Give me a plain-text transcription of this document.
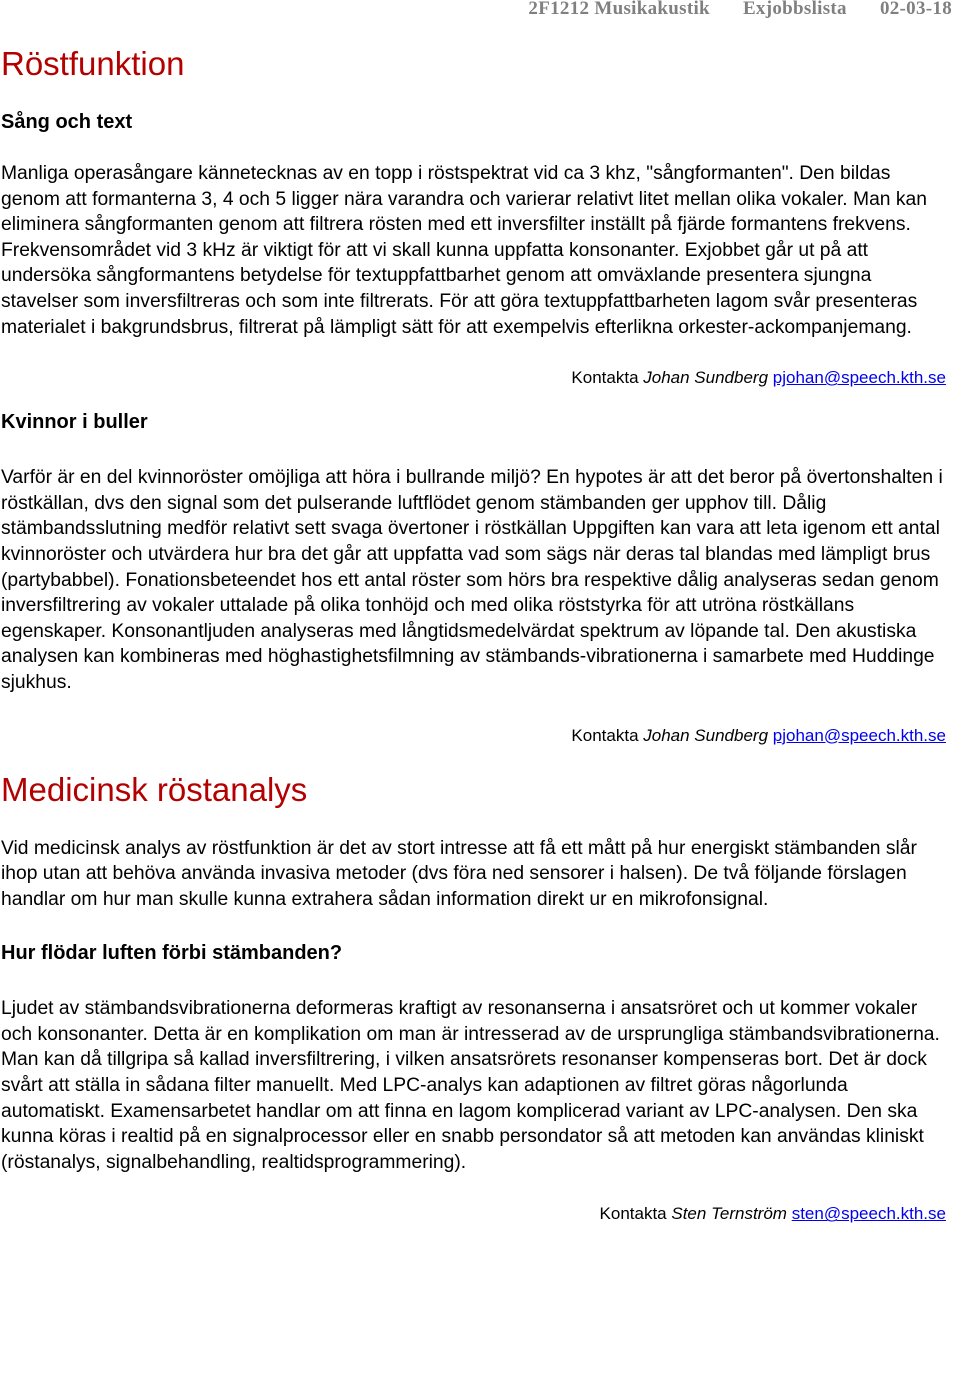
2F1212 Musikakustik Exjobbslista 02-03-18
Röstfunktion
Sång och text

Manliga operasångare kännetecknas av en topp i röstspektrat vid ca 3 khz, "sångformanten". Den bildas genom att formanterna 3, 4 och 5 ligger nära varandra och varierar relativt litet mellan olika vokaler. Man kan eliminera sångformanten genom att filtrera rösten med ett inversfilter inställt på fjärde formantens frekvens. Frekvensområdet vid 3 kHz är viktigt för att vi skall kunna uppfatta konsonanter. Exjobbet går ut på att undersöka sångformantens betydelse för textuppfattbarhet genom att omväxlande presentera sjungna stavelser som inversfiltreras och som inte filtrerats. För att göra textuppfattbarheten lagom svår presenteras materialet i bakgrundsbrus, filtrerat på lämpligt sätt för att exempelvis efterlikna orkester-ackompanjemang.

Kontakta Johan Sundberg pjohan@speech.kth.se
Kvinnor i buller

Varför är en del kvinnoröster omöjliga att höra i bullrande miljö? En hypotes är att det beror på övertonshalten i röstkällan, dvs den signal som det pulserande luftflödet genom stämbanden ger upphov till. Dålig stämbandsslutning medför relativt sett svaga övertoner i röstkällan Uppgiften kan vara att leta igenom ett antal kvinnoröster och utvärdera hur bra det går att uppfatta vad som sägs när deras tal blandas med lämpligt brus (partybabbel). Fonationsbeteendet hos ett antal röster som hörs bra respektive dålig analyseras sedan genom inversfiltrering av vokaler uttalade på olika tonhöjd och med olika röststyrka för att utröna röstkällans egenskaper. Konsonantljuden analyseras med långtidsmedelvärdat spektrum av löpande tal. Den akustiska analysen kan kombineras med höghastighetsfilmning av stämbands-vibrationerna i samarbete med Huddinge sjukhus.

Kontakta Johan Sundberg pjohan@speech.kth.se
Medicinsk röstanalys

Vid medicinsk analys av röstfunktion är det av stort intresse att få ett mått på hur energiskt stämbanden slår ihop utan att behöva använda invasiva metoder (dvs föra ned sensorer i halsen). De två följande förslagen handlar om hur man skulle kunna extrahera sådan information direkt ur en mikrofonsignal.

Hur flödar luften förbi stämbanden?

Ljudet av stämbandsvibrationerna deformeras kraftigt av resonanserna i ansatsröret och ut kommer vokaler och konsonanter. Detta är en komplikation om man är intresserad av de ursprungliga stämbandsvibrationerna. Man kan då tillgripa så kallad inversfiltrering, i vilken ansatsrörets resonanser kompenseras bort. Det är dock svårt att ställa in sådana filter manuellt. Med LPC-analys kan adaptionen av filtret göras någorlunda automatiskt. Examensarbetet handlar om att finna en lagom komplicerad variant av LPC-analysen. Den ska kunna köras i realtid på en signalprocessor eller en snabb persondator så att metoden kan användas kliniskt (röstanalys, signalbehandling, realtidsprogrammering).

Kontakta Sten Ternström sten@speech.kth.se
